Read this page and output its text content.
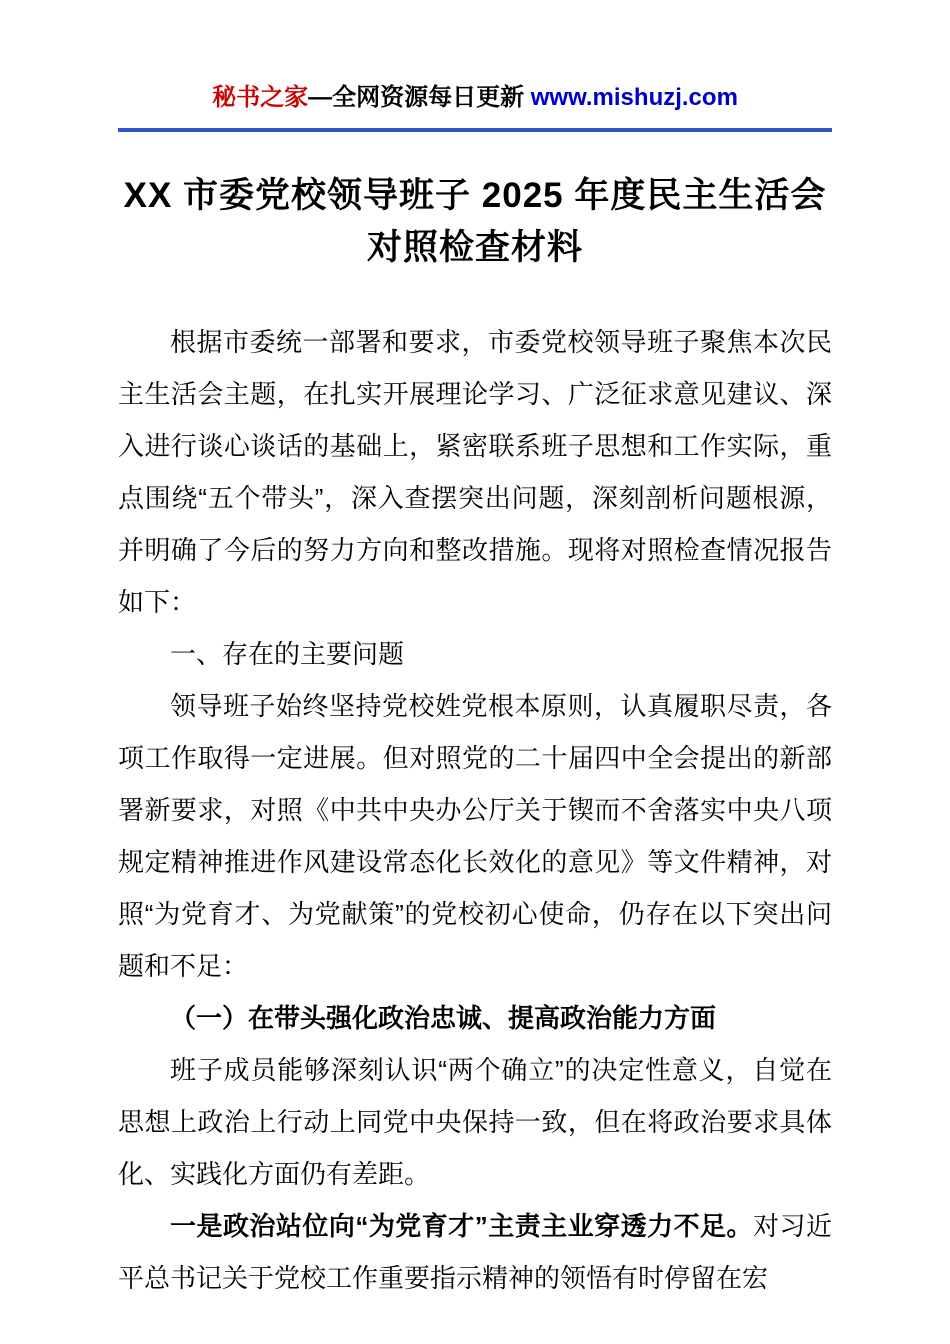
秘书之家—全网资源每日更新 www.mishuzj.com
XX 市委党校领导班子 2025 年度民主生活会对照检查材料

根据市委统一部署和要求，市委党校领导班子聚焦本次民主生活会主题，在扎实开展理论学习、广泛征求意见建议、深入进行谈心谈话的基础上，紧密联系班子思想和工作实际，重点围绕“五个带头”，深入查摆突出问题，深刻剖析问题根源，并明确了今后的努力方向和整改措施。现将对照检查情况报告如下：

一、存在的主要问题

领导班子始终坚持党校姓党根本原则，认真履职尽责，各项工作取得一定进展。但对照党的二十届四中全会提出的新部署新要求，对照《中共中央办公厅关于锲而不舍落实中央八项规定精神推进作风建设常态化长效化的意见》等文件精神，对照“为党育才、为党献策”的党校初心使命，仍存在以下突出问题和不足：

（一）在带头强化政治忠诚、提高政治能力方面

班子成员能够深刻认识“两个确立”的决定性意义，自觉在思想上政治上行动上同党中央保持一致，但在将政治要求具体化、实践化方面仍有差距。

一是政治站位向“为党育才”主责主业穿透力不足。对习近平总书记关于党校工作重要指示精神的领悟有时停留在宏
